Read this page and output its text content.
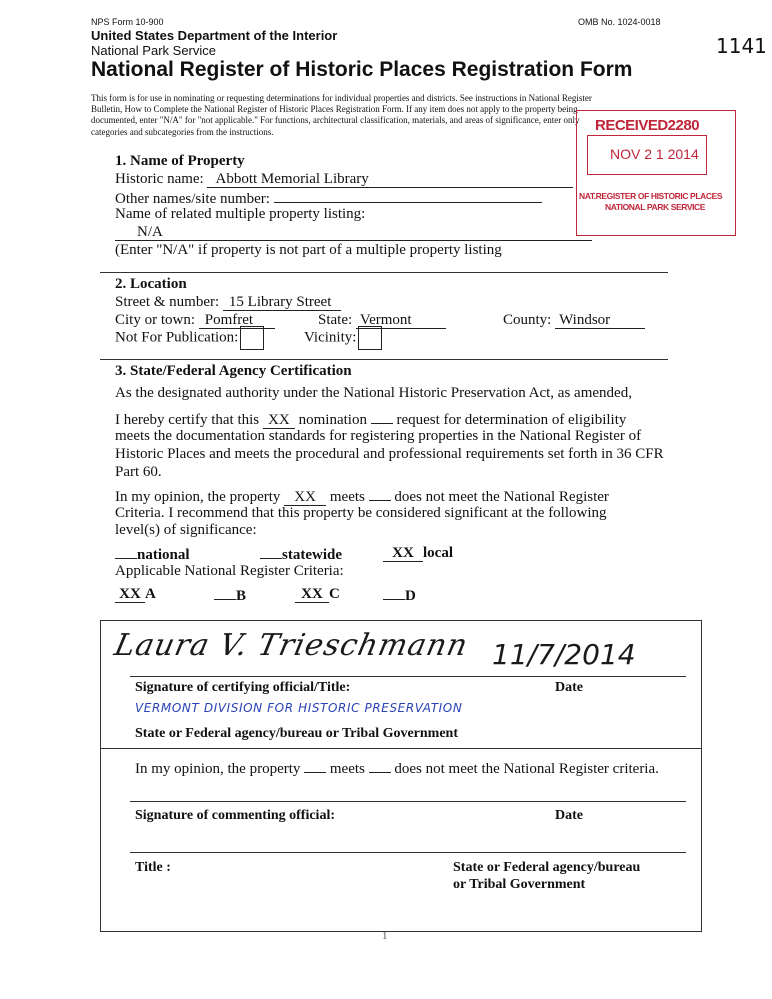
NPS Form 10-900	OMB No. 1024-0018
1141
United States Department of the Interior
National Park Service
National Register of Historic Places Registration Form
This form is for use in nominating or requesting determinations for individual properties and districts. See instructions in National Register
Bulletin, How to Complete the National Register of Historic Places Registration Form. If any item does not apply to the property being
documented, enter "N/A" for "not applicable." For functions, architectural classification, materials, and areas of significance, enter only
categories and subcategories from the instructions.	RECEIVED2280
NOV 2 1 2014
NAT.REGISTER OF HISTORIC PLACES
NATIONAL PARK SERVICE
1. Name of Property
Historic name: Abbott Memorial Library
Other names/site number:
Name of related multiple property listing:
N/A
(Enter "N/A" if property is not part of a multiple property listing
2. Location
Street & number: 15 Library Street
City or town: Pomfret	State: Vermont	County: Windsor
Not For Publication:	Vicinity:
3. State/Federal Agency Certification
As the designated authority under the National Historic Preservation Act, as amended,
I hereby certify that this XX nomination request for determination of eligibility
meets the documentation standards for registering properties in the National Register of
Historic Places and meets the procedural and professional requirements set forth in 36 CFR
Part 60.
In my opinion, the property XX meets does not meet the National Register
Criteria. I recommend that this property be considered significant at the following
level(s) of significance:
national	statewide	XX local
Applicable National Register Criteria:
XX A	B	XX C	D
Laura V. Trieschmann 11/7/2014
Signature of certifying official/Title:	Date
VERMONT DIVISION FOR HISTORIC PRESERVATION
State or Federal agency/bureau or Tribal Government
In my opinion, the property meets does not meet the National Register criteria.
Signature of commenting official:	Date
Title :	State or Federal agency/bureau
or Tribal Government
1
